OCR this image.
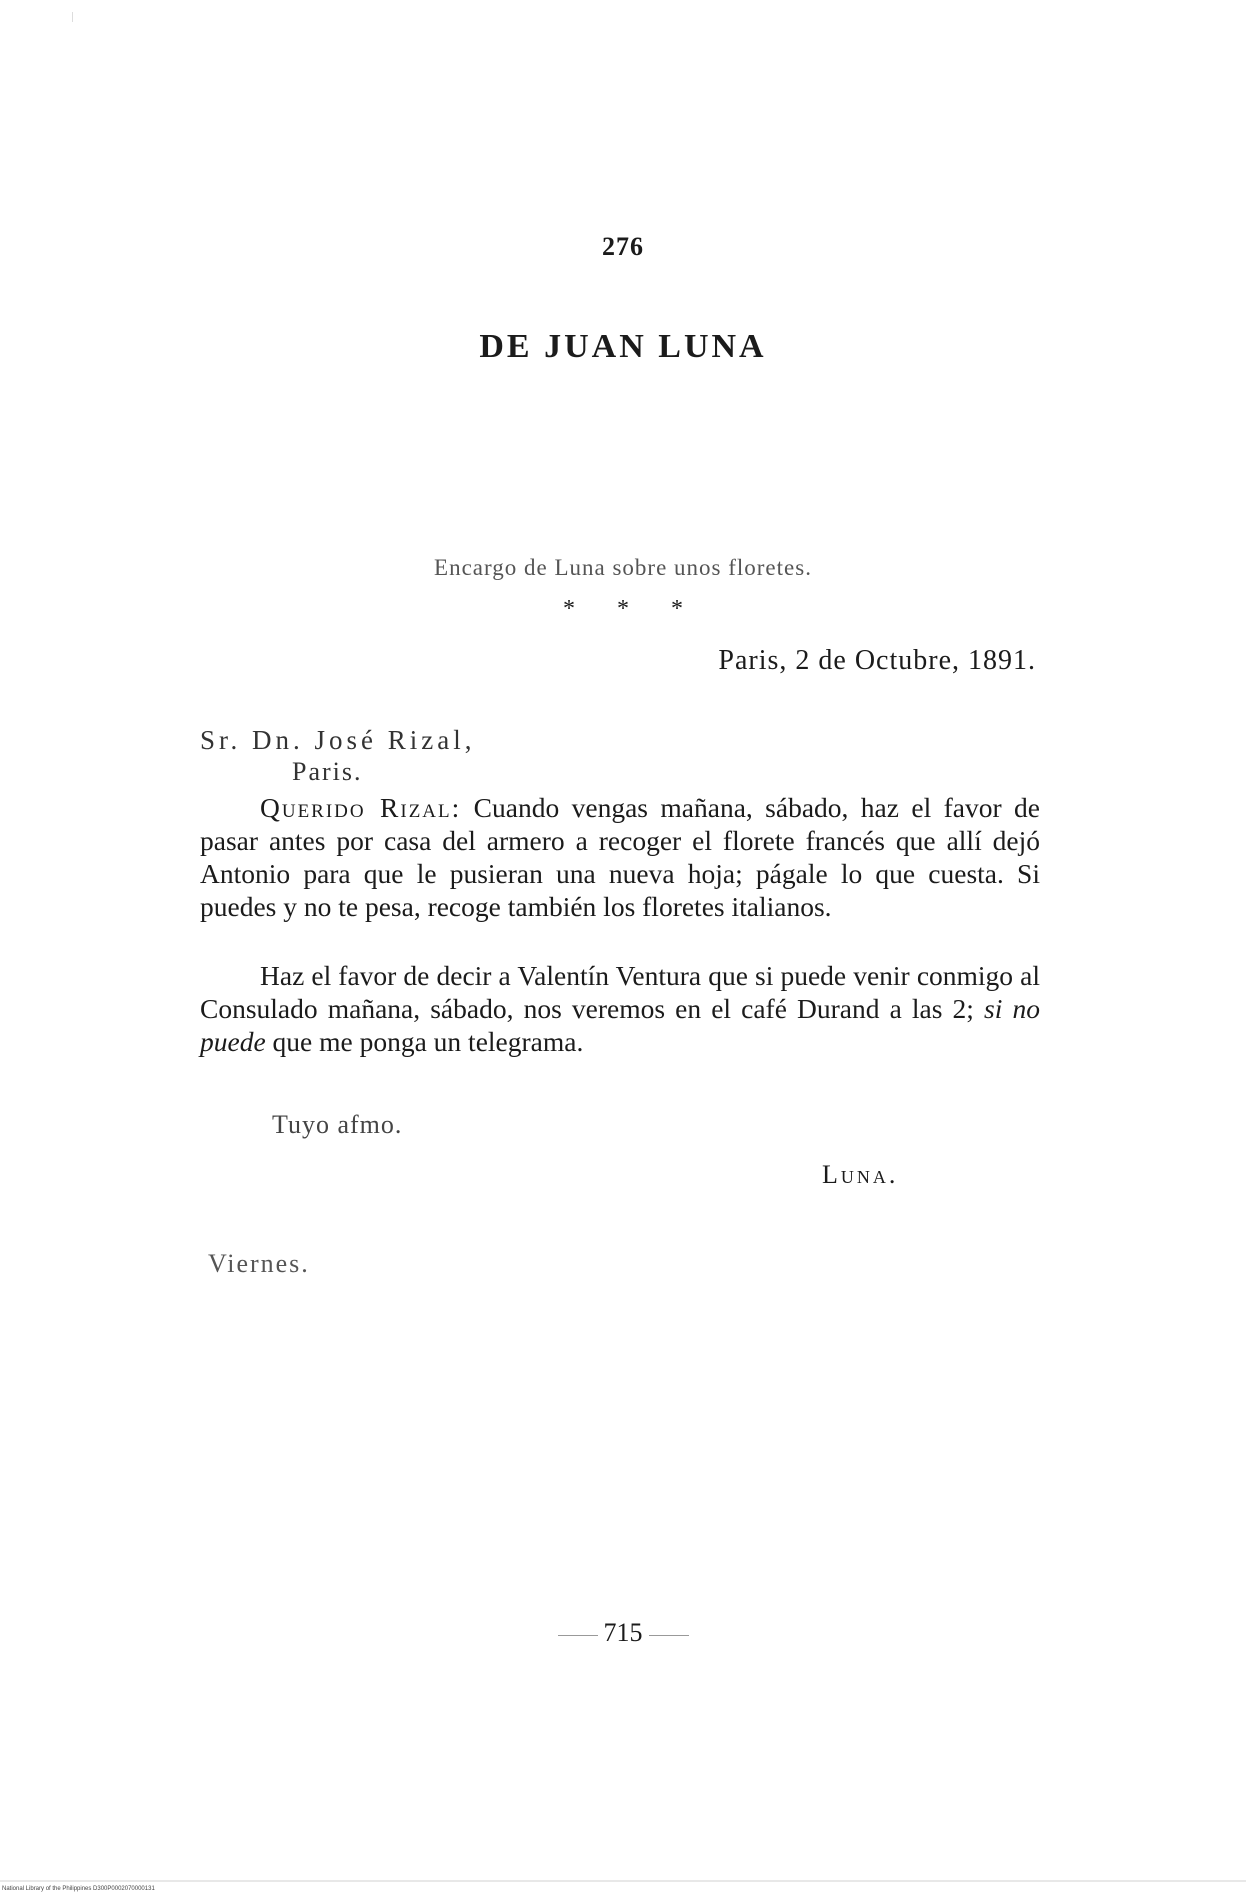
276
DE JUAN LUNA
Encargo de Luna sobre unos floretes.
* * *
Paris, 2 de Octubre, 1891.
Sr. Dn. José Rizal,
Paris.
Querido Rizal: Cuando vengas mañana, sábado, haz el favor de pasar antes por casa del armero a recoger el florete francés que allí dejó Antonio para que le pusieran una nueva hoja; págale lo que cuesta. Si puedes y no te pesa, recoge también los floretes italianos.
Haz el favor de decir a Valentín Ventura que si puede venir conmigo al Consulado mañana, sábado, nos veremos en el café Durand a las 2; si no puede que me ponga un telegrama.
Tuyo afmo.
Luna.
Viernes.
715
National Library of the Philippines D300P0002070000131
